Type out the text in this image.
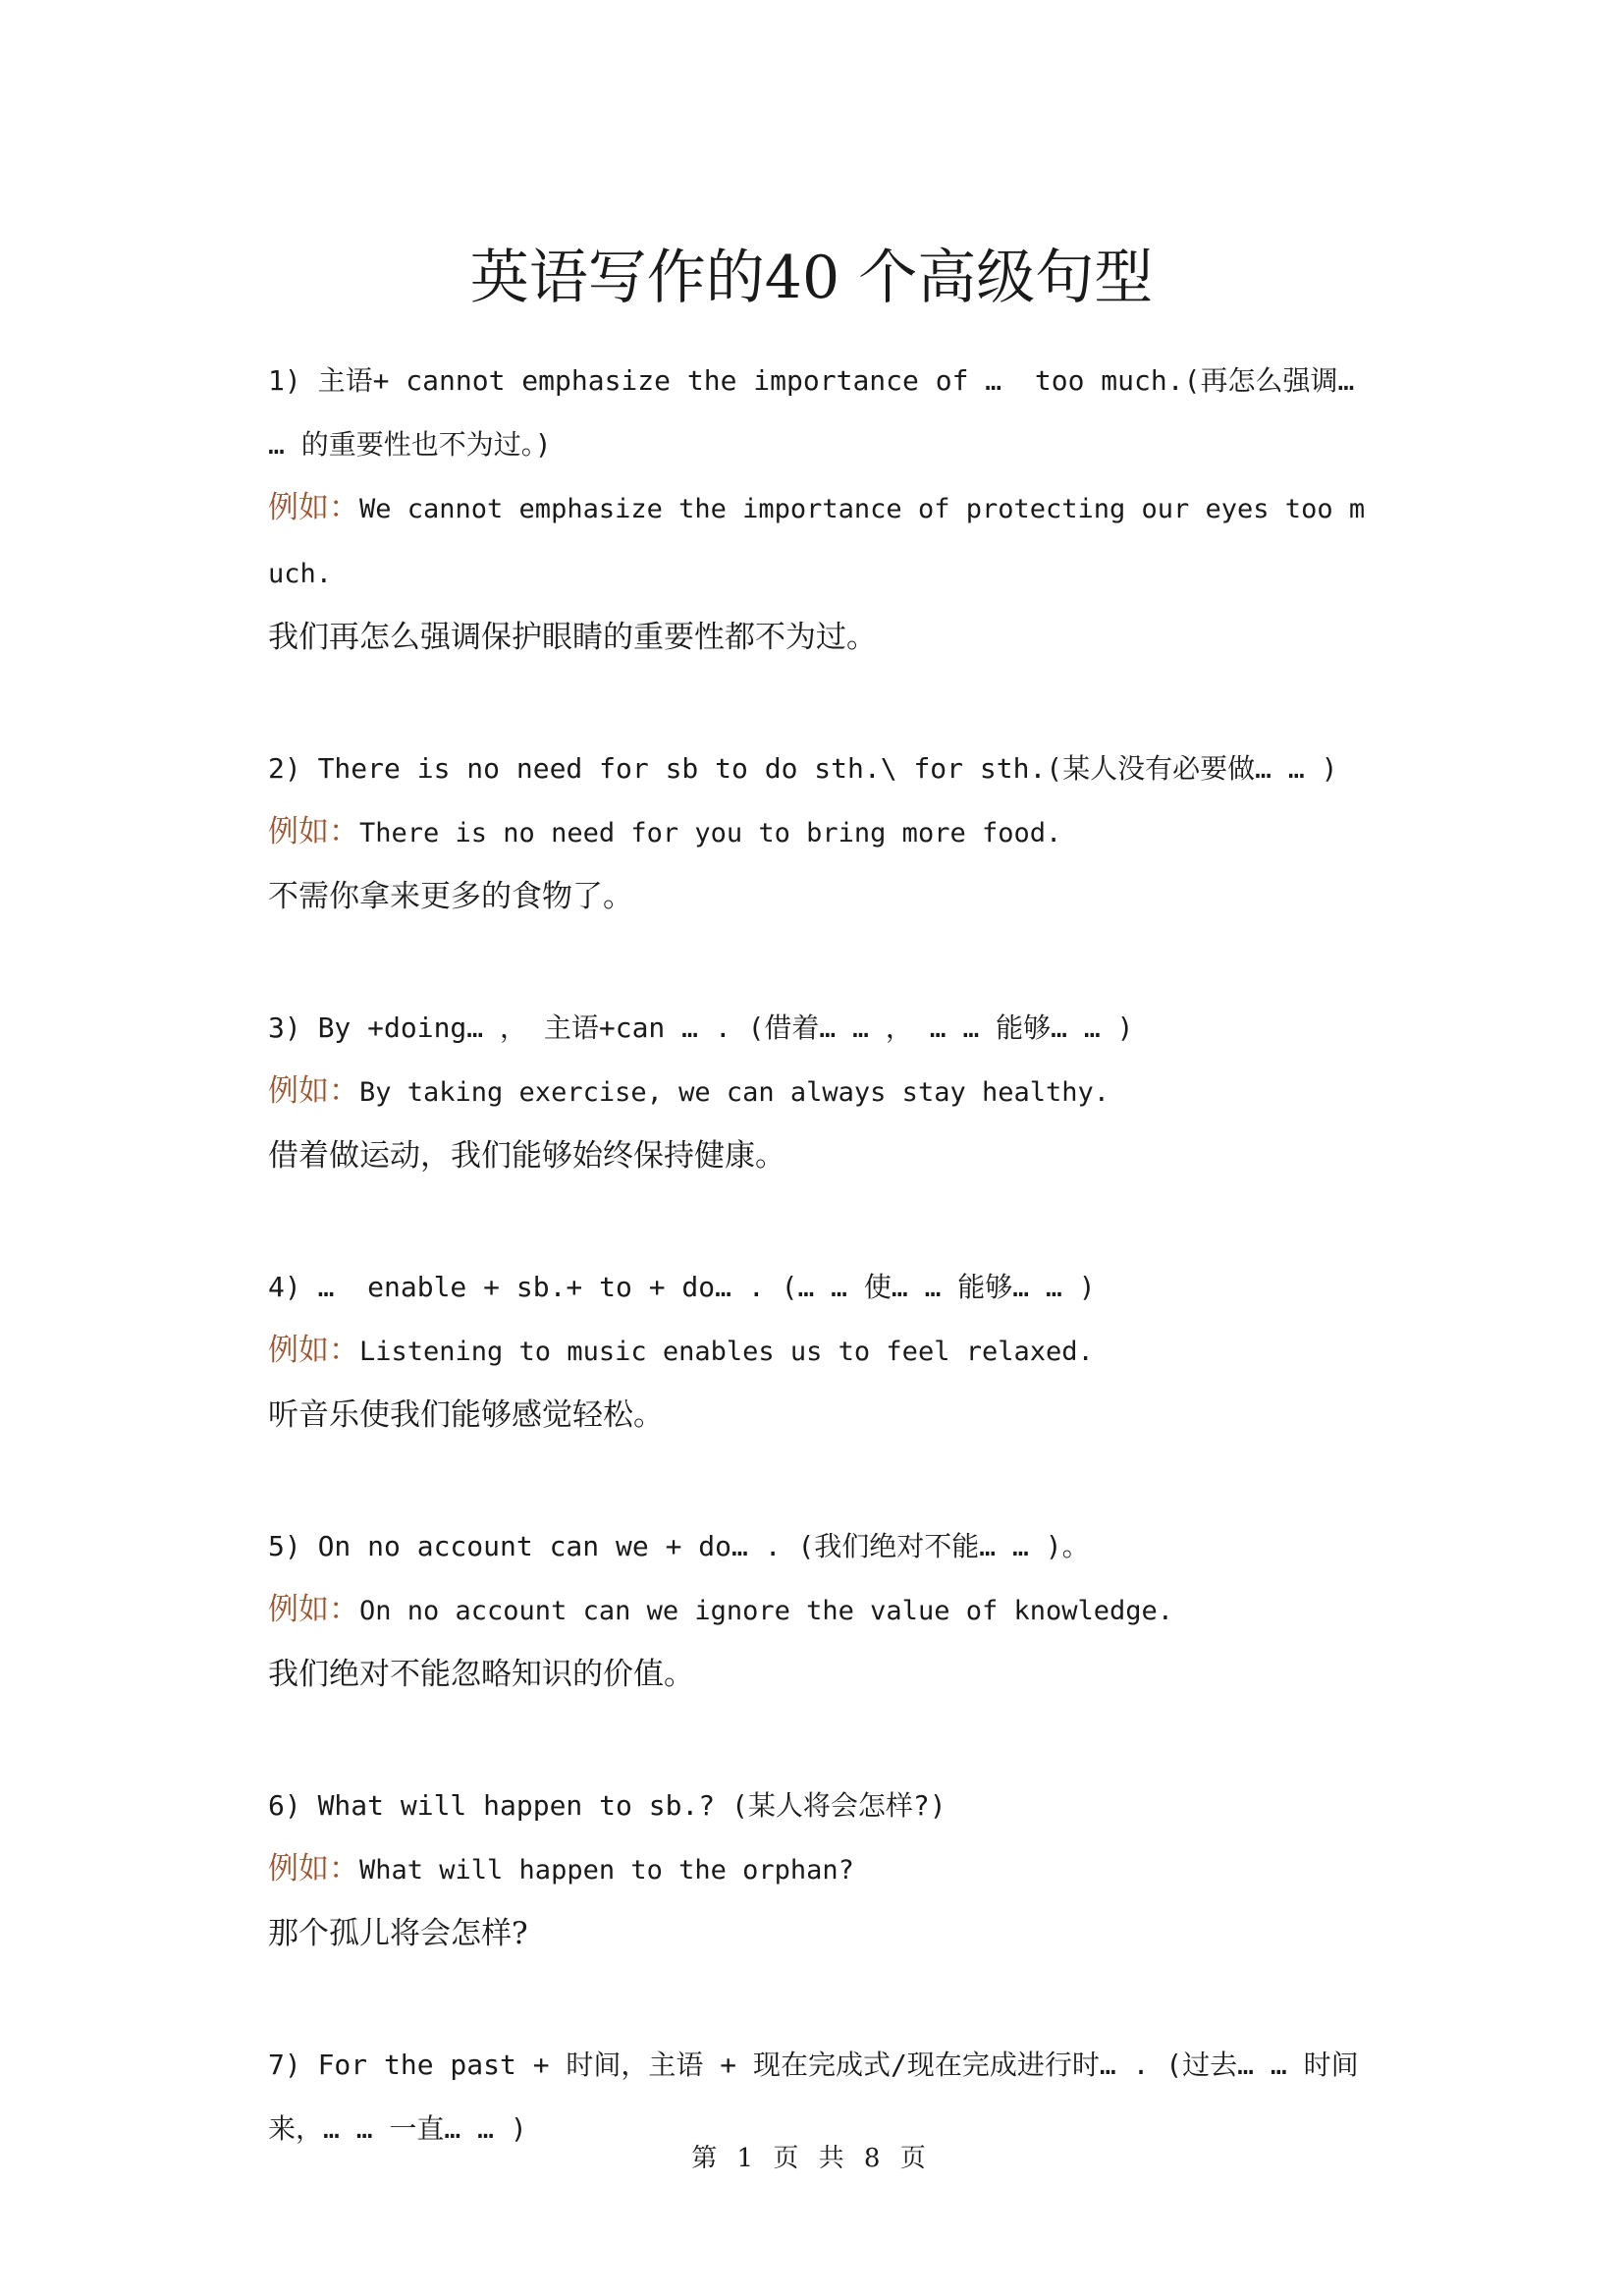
英语写作的40 个高级句型
1) 主语+ cannot emphasize the importance of …  too much.(再怎么强调… … 的重要性也不为过。)
例如：We cannot emphasize the importance of protecting our eyes too much.
我们再怎么强调保护眼睛的重要性都不为过。
2) There is no need for sb to do sth.\ for sth.(某人没有必要做… … )
例如：There is no need for you to bring more food.
不需你拿来更多的食物了。
3) By +doing… ， 主语+can … . (借着… … ， … … 能够… … )
例如：By taking exercise, we can always stay healthy.
借着做运动，我们能够始终保持健康。
4) …  enable + sb.+ to + do… . (… … 使… … 能够… … )
例如：Listening to music enables us to feel relaxed.
听音乐使我们能够感觉轻松。
5) On no account can we + do… . (我们绝对不能… … )。
例如：On no account can we ignore the value of knowledge.
我们绝对不能忽略知识的价值。
6) What will happen to sb.? (某人将会怎样?)
例如：What will happen to the orphan?
那个孤儿将会怎样?
7) For the past + 时间，主语 + 现在完成式/现在完成进行时… . (过去… … 时间来，… … 一直… … )
第 1 页 共 8 页
